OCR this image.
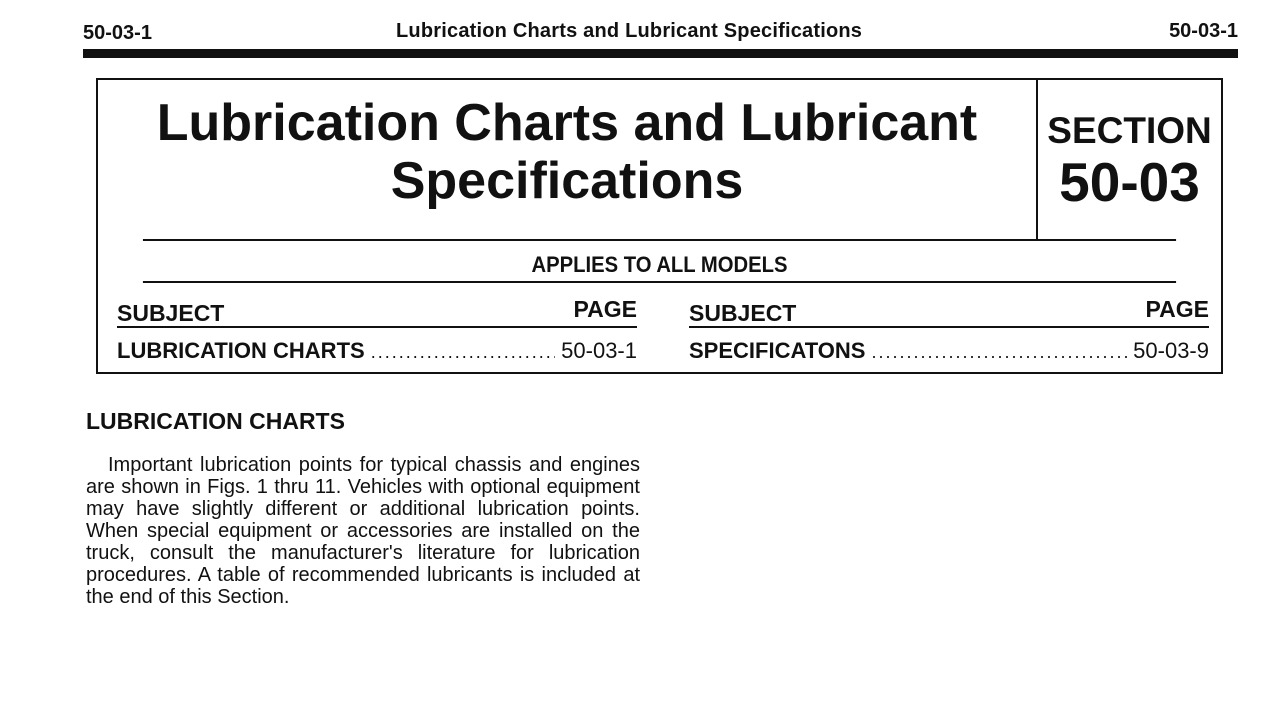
50-03-1	Lubrication Charts and Lubricant Specifications	50-03-1
Lubrication Charts and Lubricant
Specifications
SECTION
50-03
APPLIES TO ALL MODELS
SUBJECT	PAGE
LUBRICATION CHARTS .....	50-03-1
SUBJECT	PAGE
SPECIFICATONS .....	50-03-9
LUBRICATION CHARTS
Important lubrication points for typical chassis and engines are shown in Figs. 1 thru 11. Vehicles with optional equipment may have slightly different or additional lubrication points. When special equipment or accessories are installed on the truck, consult the manufacturer's literature for lubrication procedures. A table of recommended lubricants is included at the end of this Section.
